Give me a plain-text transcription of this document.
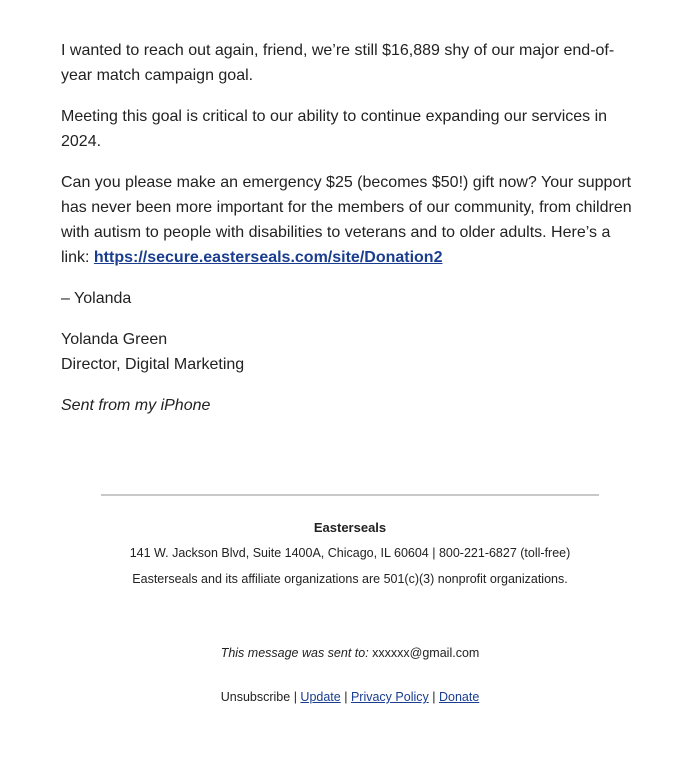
I wanted to reach out again, friend, we’re still $16,889 shy of our major end-of-year match campaign goal.

Meeting this goal is critical to our ability to continue expanding our services in 2024.

Can you please make an emergency $25 (becomes $50!) gift now? Your support has never been more important for the members of our community, from children with autism to people with disabilities to veterans and to older adults. Here’s a link: https://secure.easterseals.com/site/Donation2

– Yolanda

Yolanda Green
Director, Digital Marketing

Sent from my iPhone

Easterseals
141 W. Jackson Blvd, Suite 1400A, Chicago, IL 60604 | 800-221-6827 (toll-free)
Easterseals and its affiliate organizations are 501(c)(3) nonprofit organizations.
This message was sent to: xxxxxx@gmail.com
Unsubscribe | Update | Privacy Policy | Donate
